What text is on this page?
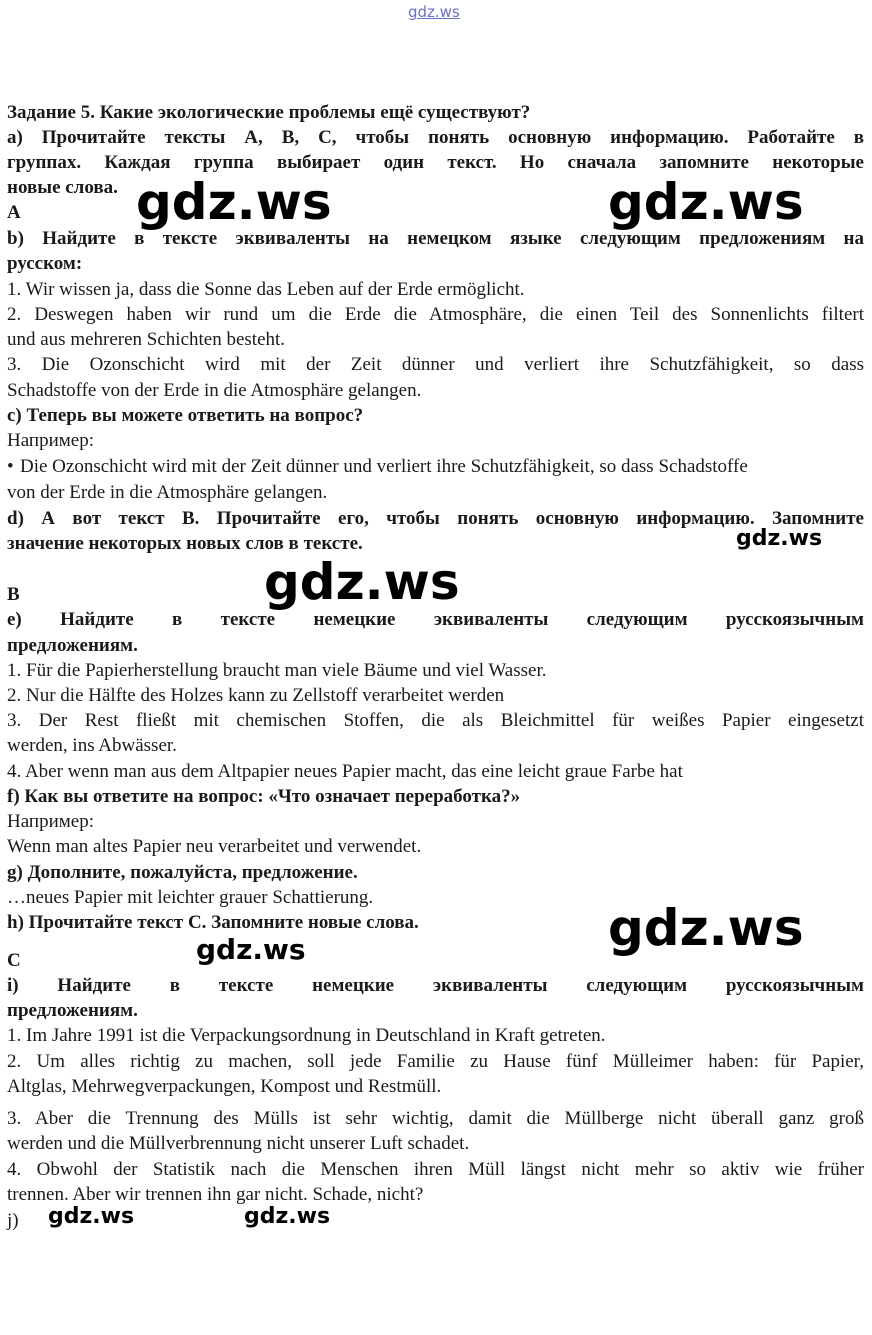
gdz.ws
Задание 5. Какие экологические проблемы ещё существуют?
a) Прочитайте тексты А, В, С, чтобы понять основную информацию. Работайте в
группах. Каждая группа выбирает один текст. Но сначала запомните некоторые
новые слова.
A
b) Найдите в тексте эквиваленты на немецком языке следующим предложениям на
русском:
1. Wir wissen ja, dass die Sonne das Leben auf der Erde ermöglicht.
2. Deswegen haben wir rund um die Erde die Atmosphäre, die einen Teil des Sonnenlichts filtert
und aus mehreren Schichten besteht.
3. Die Ozonschicht wird mit der Zeit dünner und verliert ihre Schutzfähigkeit, so dass
Schadstoffe von der Erde in die Atmosphäre gelangen.
c) Теперь вы можете ответить на вопрос?
Например:
• Die Ozonschicht wird mit der Zeit dünner und verliert ihre Schutzfähigkeit, so dass Schadstoffe
von der Erde in die Atmosphäre gelangen.
d) А вот текст В. Прочитайте его, чтобы понять основную информацию. Запомните
значение некоторых новых слов в тексте.
B
e) Найдите в тексте немецкие эквиваленты следующим русскоязычным
предложениям.
1. Für die Papierherstellung braucht man viele Bäume und viel Wasser.
2. Nur die Hälfte des Holzes kann zu Zellstoff verarbeitet werden
3. Der Rest fließt mit chemischen Stoffen, die als Bleichmittel für weißes Papier eingesetzt
werden, ins Abwässer.
4. Aber wenn man aus dem Altpapier neues Papier macht, das eine leicht graue Farbe hat
f) Как вы ответите на вопрос: «Что означает переработка?»
Например:
Wenn man altes Papier neu verarbeitet und verwendet.
g) Дополните, пожалуйста, предложение.
…neues Papier mit leichter grauer Schattierung.
h) Прочитайте текст С. Запомните новые слова.
C
i) Найдите в тексте немецкие эквиваленты следующим русскоязычным
предложениям.
1. Im Jahre 1991 ist die Verpackungsordnung in Deutschland in Kraft getreten.
2. Um alles richtig zu machen, soll jede Familie zu Hause fünf Mülleimer haben: für Papier,
Altglas, Mehrwegverpackungen, Kompost und Restmüll.
3. Aber die Trennung des Mülls ist sehr wichtig, damit die Müllberge nicht überall ganz groß
werden und die Müllverbrennung nicht unserer Luft schadet.
4. Obwohl der Statistik nach die Menschen ihren Müll längst nicht mehr so aktiv wie früher
trennen. Aber wir trennen ihn gar nicht. Schade, nicht?
j)
gdz.ws	gdz.ws
gdz.ws
gdz.ws
gdz.ws
gdz.ws
gdz.ws	gdz.ws
